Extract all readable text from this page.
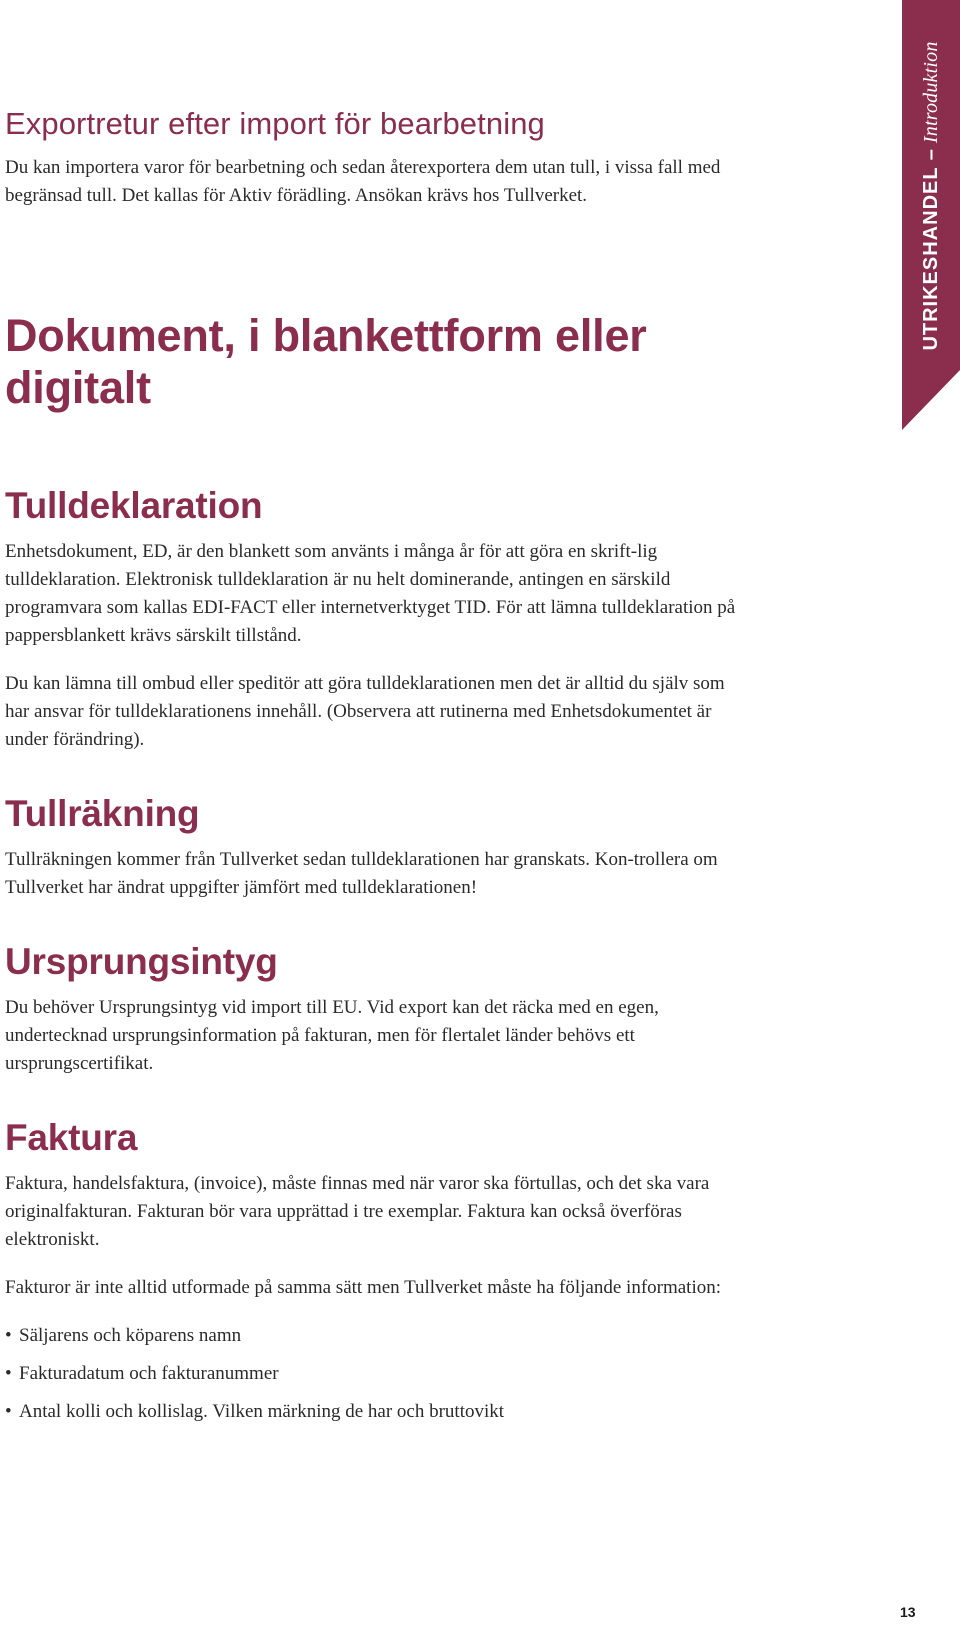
UTRIKESHANDEL – Introduktion
Exportretur efter import för bearbetning

Du kan importera varor för bearbetning och sedan återexportera dem utan tull, i vissa fall med begränsad tull. Det kallas för Aktiv förädling. Ansökan krävs hos Tullverket.

Dokument, i blankettform eller digitalt
Tulldeklaration

Enhetsdokument, ED, är den blankett som använts i många år för att göra en skrift-lig tulldeklaration. Elektronisk tulldeklaration är nu helt dominerande, antingen en särskild programvara som kallas EDI-FACT eller internetverktyget TID. För att lämna tulldeklaration på pappersblankett krävs särskilt tillstånd.

Du kan lämna till ombud eller speditör att göra tulldeklarationen men det är alltid du själv som har ansvar för tulldeklarationens innehåll. (Observera att rutinerna med Enhetsdokumentet är under förändring).

Tullräkning

Tullräkningen kommer från Tullverket sedan tulldeklarationen har granskats. Kon-trollera om Tullverket har ändrat uppgifter jämfört med tulldeklarationen!

Ursprungsintyg

Du behöver Ursprungsintyg vid import till EU. Vid export kan det räcka med en egen, undertecknad ursprungsinformation på fakturan, men för flertalet länder behövs ett ursprungscertifikat.

Faktura

Faktura, handelsfaktura, (invoice), måste finnas med när varor ska förtullas, och det ska vara originalfakturan. Fakturan bör vara upprättad i tre exemplar. Faktura kan också överföras elektroniskt.

Fakturor är inte alltid utformade på samma sätt men Tullverket måste ha följande information:

• Säljarens och köparens namn
• Fakturadatum och fakturanummer
• Antal kolli och kollislag. Vilken märkning de har och bruttovikt
13
